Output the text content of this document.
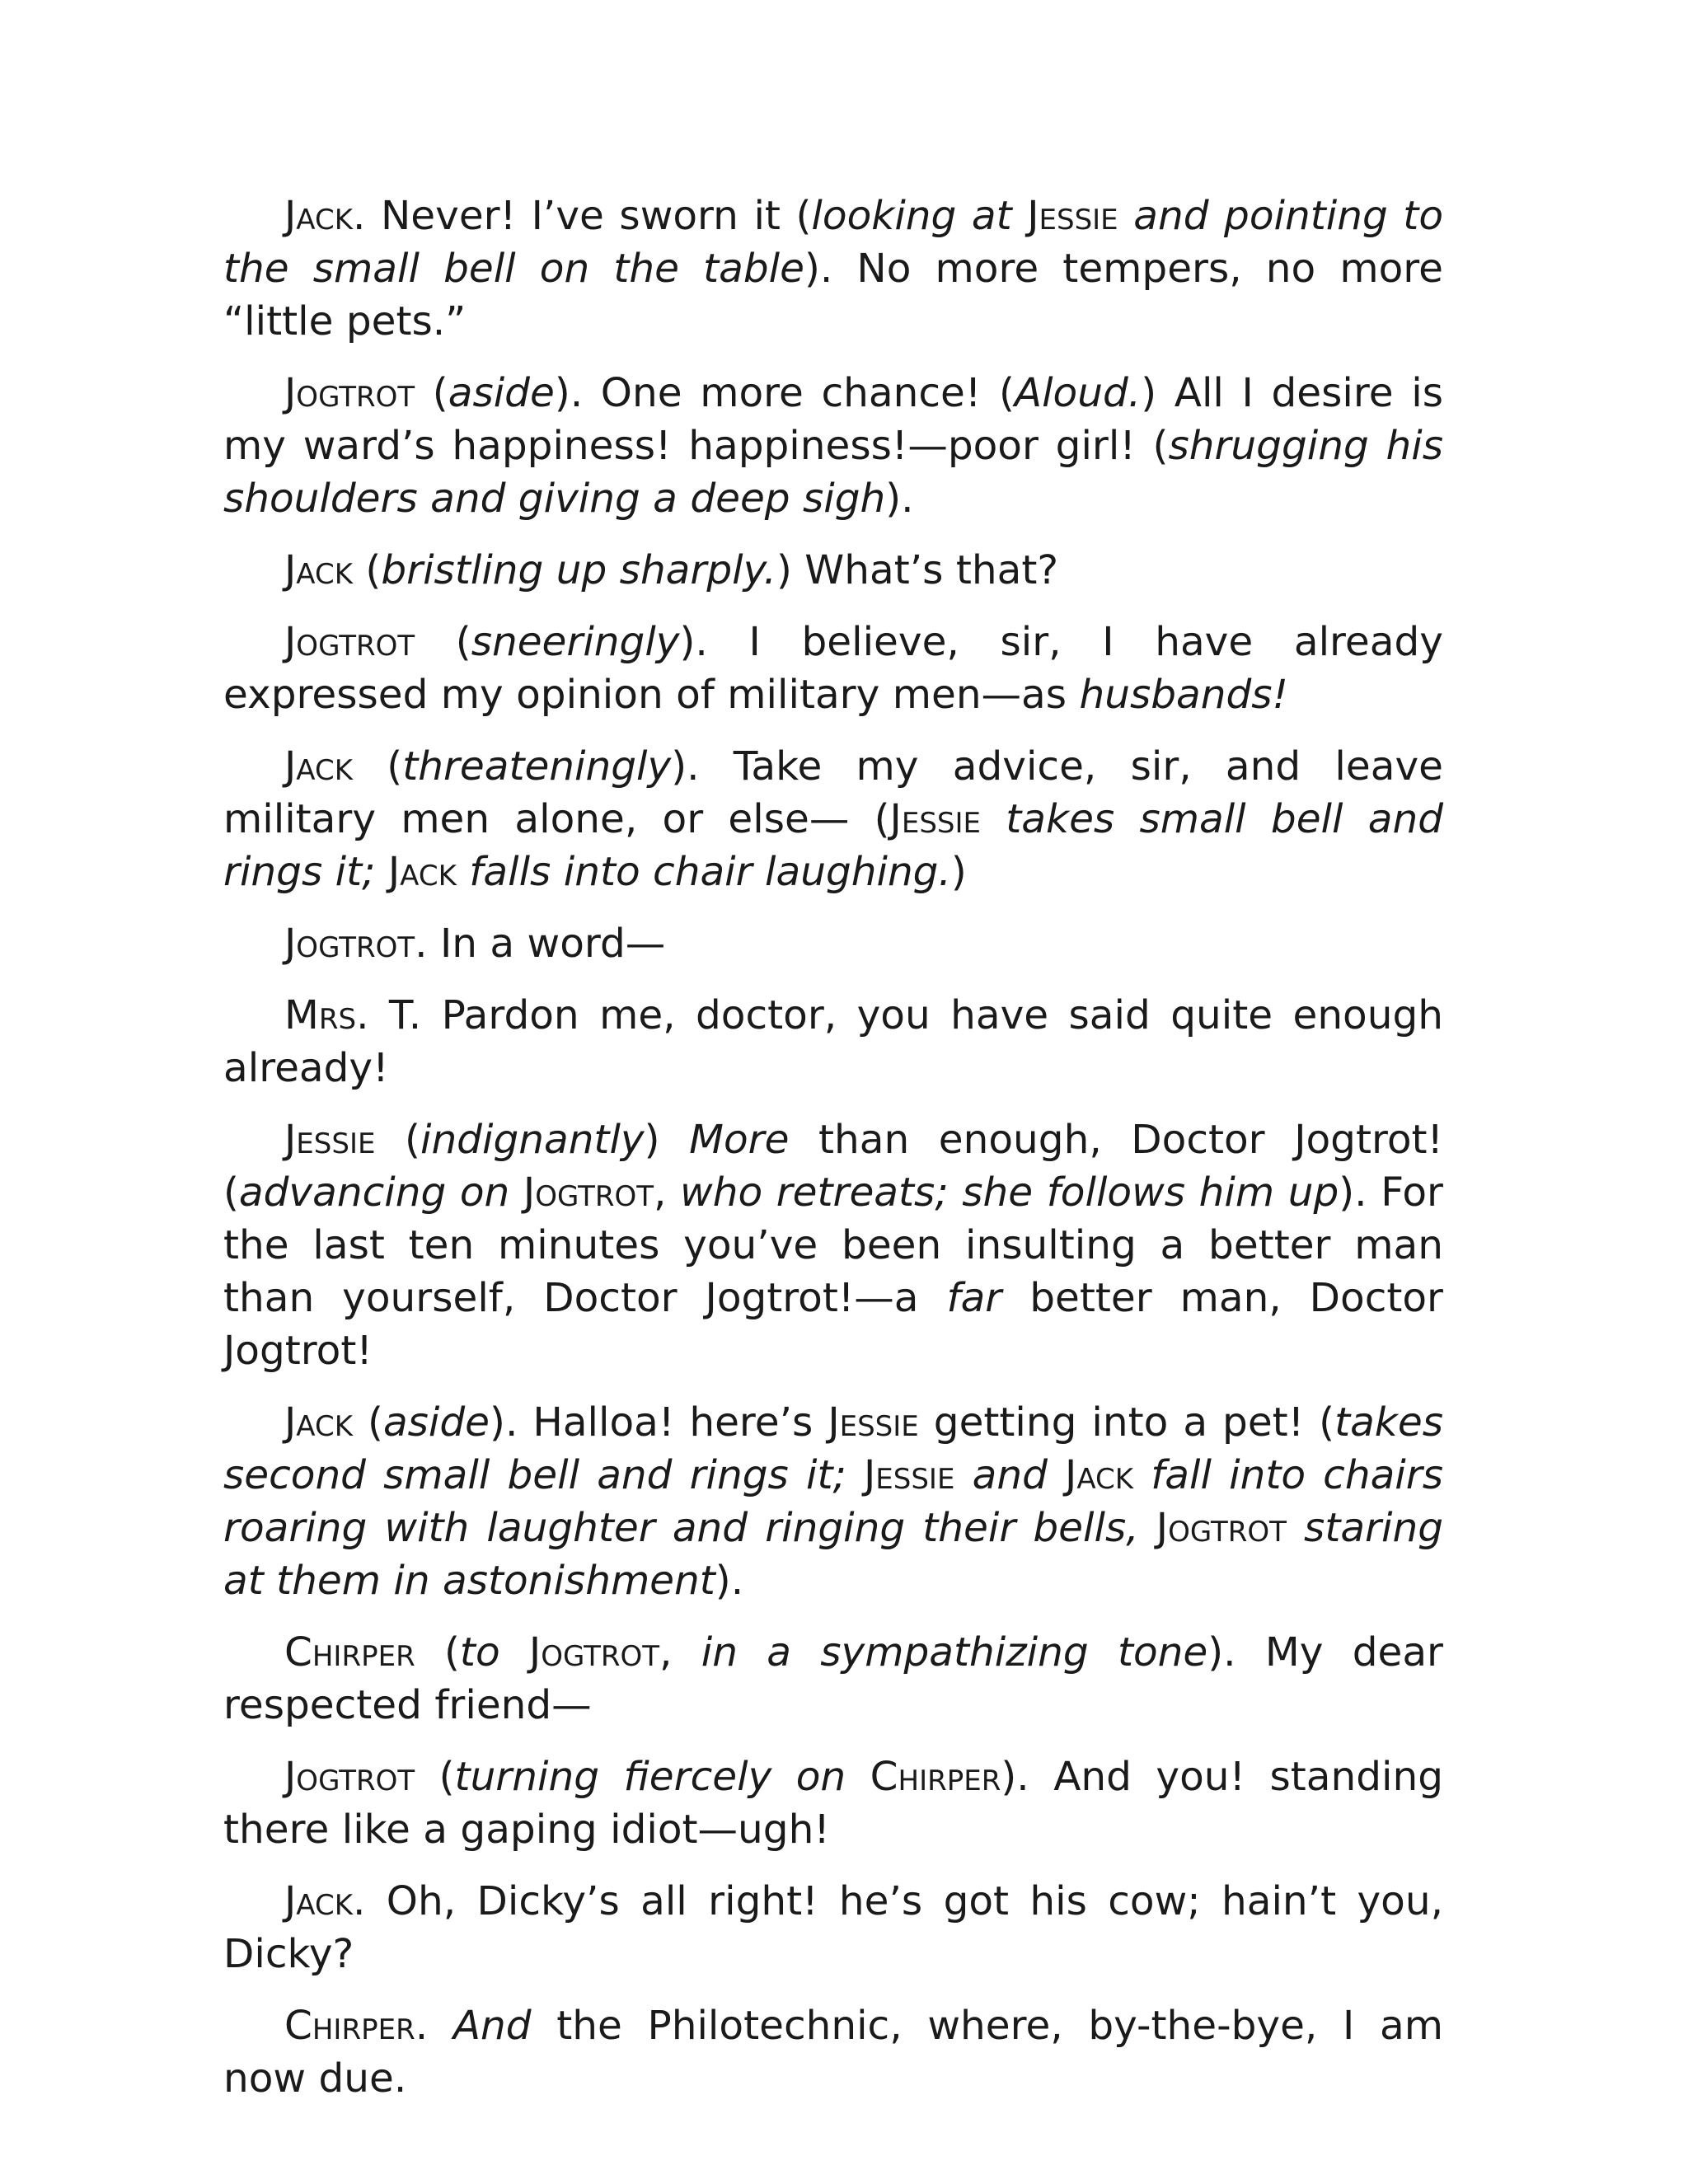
Jack. Never! I’ve sworn it (looking at Jessie and pointing to the small bell on the table). No more tempers, no more “little pets.”

Jogtrot (aside). One more chance! (Aloud.) All I desire is my ward’s happiness! happiness!—poor girl! (shrugging his shoulders and giving a deep sigh).

Jack (bristling up sharply.) What’s that?

Jogtrot (sneeringly). I believe, sir, I have already expressed my opinion of military men—as husbands!

Jack (threateningly). Take my advice, sir, and leave military men alone, or else— (Jessie takes small bell and rings it; Jack falls into chair laughing.)

Jogtrot. In a word—

Mrs. T. Pardon me, doctor, you have said quite enough already!

Jessie (indignantly) More than enough, Doctor Jogtrot! (advancing on Jogtrot, who retreats; she follows him up). For the last ten minutes you’ve been insulting a better man than yourself, Doctor Jogtrot!—a far better man, Doctor Jogtrot!

Jack (aside). Halloa! here’s Jessie getting into a pet! (takes second small bell and rings it; Jessie and Jack fall into chairs roaring with laughter and ringing their bells, Jogtrot staring at them in astonishment).

Chirper (to Jogtrot, in a sympathizing tone). My dear respected friend—

Jogtrot (turning fiercely on Chirper). And you! standing there like a gaping idiot—ugh!

Jack. Oh, Dicky’s all right! he’s got his cow; hain’t you, Dicky?

Chirper. And the Philotechnic, where, by-the-bye, I am now due.
